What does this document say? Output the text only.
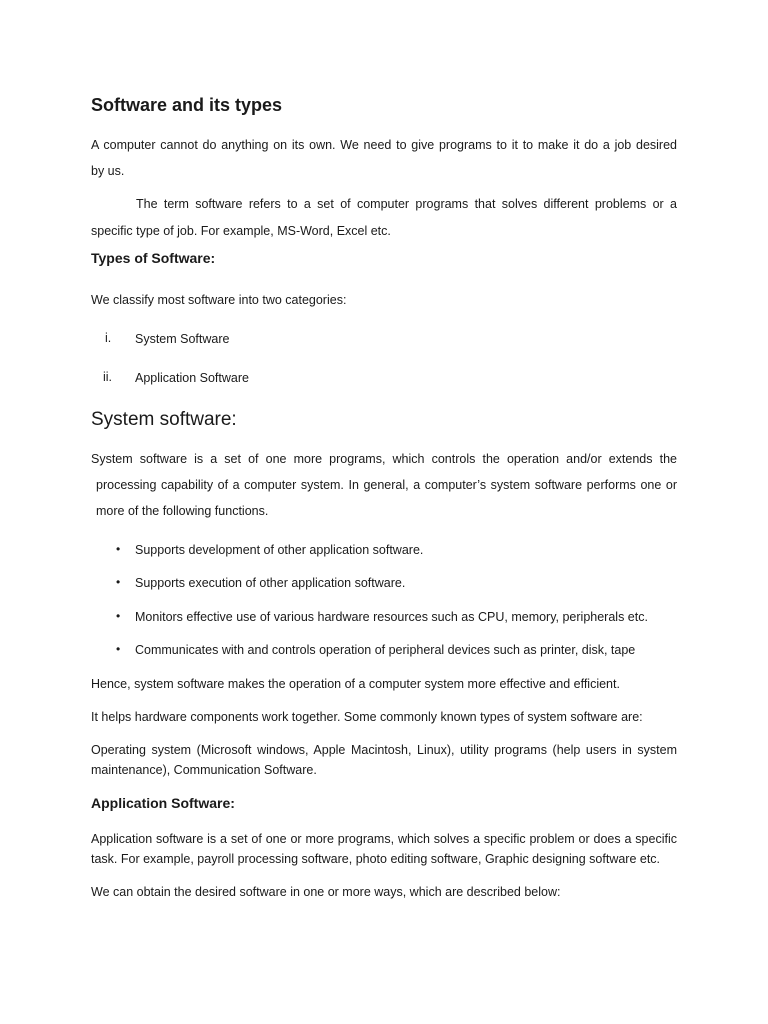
Software and its types
A computer cannot do anything on its own. We need to give programs to it to make it do a job desired
by us.
The term software refers to a set of computer programs that solves different problems or a
specific type of job. For example, MS-Word, Excel etc.
Types of Software:
We classify most software into two categories:
i. System Software
ii. Application Software
System software:
System software is a set of one more programs, which controls the operation and/or extends the
processing capability of a computer system. In general, a computer’s system software performs one or
more of the following functions.
• Supports development of other application software.
• Supports execution of other application software.
• Monitors effective use of various hardware resources such as CPU, memory, peripherals etc.
• Communicates with and controls operation of peripheral devices such as printer, disk, tape
Hence, system software makes the operation of a computer system more effective and efficient.
It helps hardware components work together. Some commonly known types of system software are:
Operating system (Microsoft windows, Apple Macintosh, Linux), utility programs (help users in system
maintenance), Communication Software.
Application Software:
Application software is a set of one or more programs, which solves a specific problem or does a specific
task. For example, payroll processing software, photo editing software, Graphic designing software etc.
We can obtain the desired software in one or more ways, which are described below:
